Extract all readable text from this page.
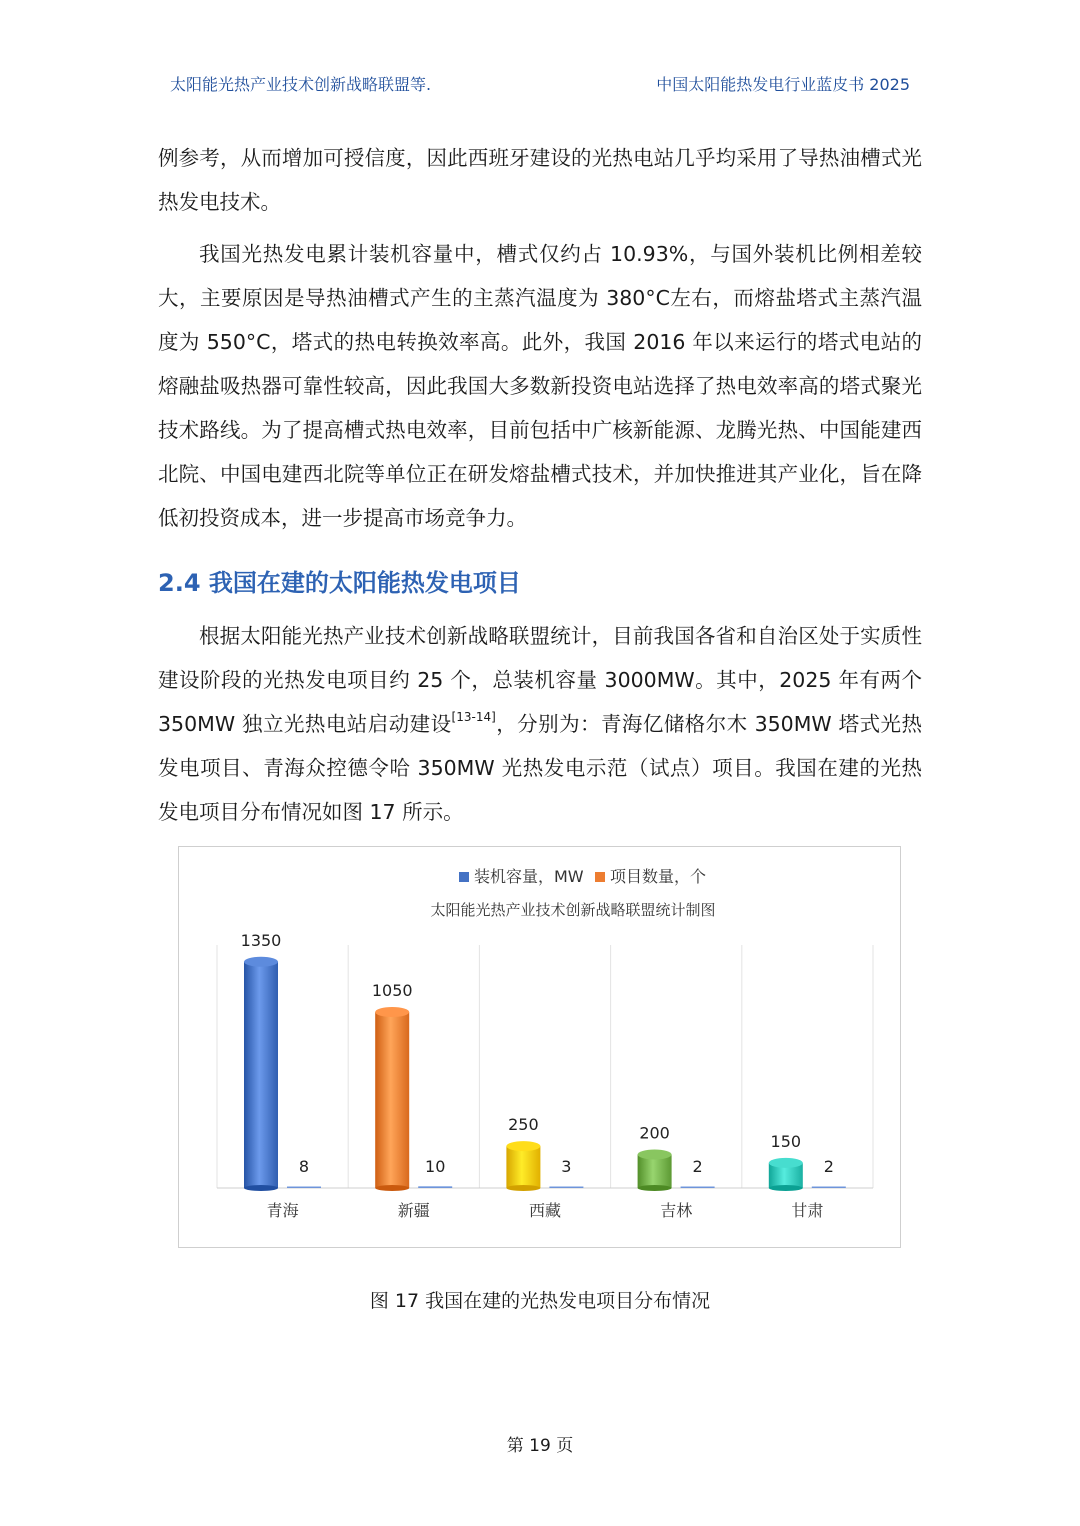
太阳能光热产业技术创新战略联盟等.	中国太阳能热发电行业蓝皮书 2025

例参考，从而增加可授信度，因此西班牙建设的光热电站几乎均采用了导热油槽式光热发电技术。

我国光热发电累计装机容量中，槽式仅约占 10.93%，与国外装机比例相差较大，主要原因是导热油槽式产生的主蒸汽温度为 380°C左右，而熔盐塔式主蒸汽温度为 550°C，塔式的热电转换效率高。此外，我国 2016 年以来运行的塔式电站的熔融盐吸热器可靠性较高，因此我国大多数新投资电站选择了热电效率高的塔式聚光技术路线。为了提高槽式热电效率，目前包括中广核新能源、龙腾光热、中国能建西北院、中国电建西北院等单位正在研发熔盐槽式技术，并加快推进其产业化，旨在降低初投资成本，进一步提高市场竞争力。

2.4 我国在建的太阳能热发电项目

根据太阳能光热产业技术创新战略联盟统计，目前我国各省和自治区处于实质性建设阶段的光热发电项目约 25 个，总装机容量 3000MW。其中，2025 年有两个 350MW 独立光热电站启动建设[13-14]，分别为：青海亿储格尔木 350MW 塔式光热发电项目、青海众控德令哈 350MW 光热发电示范（试点）项目。我国在建的光热发电项目分布情况如图 17 所示。

装机容量，MW 项目数量，个
太阳能光热产业技术创新战略联盟统计制图
1350
8
青海
1050
10
新疆
250
3
西藏
200
2
吉林
150
2
甘肃
图 17 我国在建的光热发电项目分布情况
第 19 页
